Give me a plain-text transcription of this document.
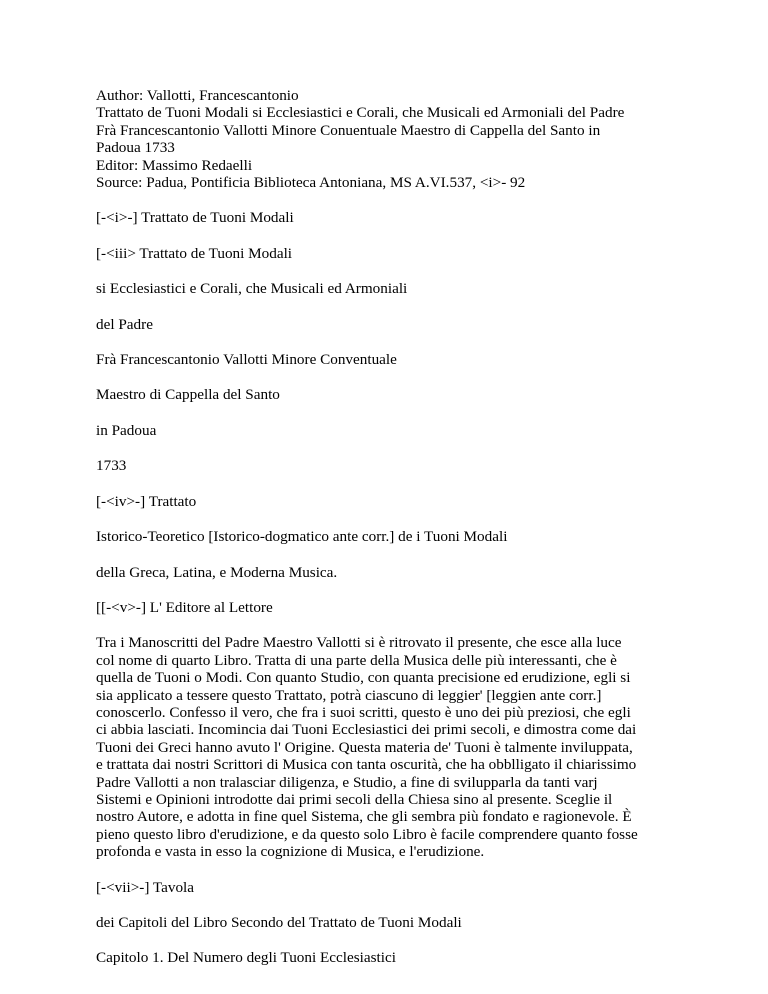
Author: Vallotti, Francescantonio

Trattato de Tuoni Modali si Ecclesiastici e Corali, che Musicali ed Armoniali del Padre

Frà Francescantonio Vallotti Minore Conuentuale Maestro di Cappella del Santo in

Padoua 1733

Editor: Massimo Redaelli

Source: Padua, Pontificia Biblioteca Antoniana, MS A.VI.537, <i>- 92

[-<i>-] Trattato de Tuoni Modali

[-<iii> Trattato de Tuoni Modali

si Ecclesiastici e Corali, che Musicali ed Armoniali

del Padre

Frà Francescantonio Vallotti Minore Conventuale

Maestro di Cappella del Santo

in Padoua

1733

[-<iv>-] Trattato

Istorico-Teoretico [Istorico-dogmatico ante corr.] de i Tuoni Modali

della Greca, Latina, e Moderna Musica.

[[-<v>-] L' Editore al Lettore

Tra i Manoscritti del Padre Maestro Vallotti si è ritrovato il presente, che esce alla luce
col nome di quarto Libro. Tratta di una parte della Musica delle più interessanti, che è
quella de Tuoni o Modi. Con quanto Studio, con quanta precisione ed erudizione, egli si
sia applicato a tessere questo Trattato, potrà ciascuno di leggier' [leggien ante corr.]
conoscerlo. Confesso il vero, che fra i suoi scritti, questo è uno dei più preziosi, che egli
ci abbia lasciati. Incomincia dai Tuoni Ecclesiastici dei primi secoli, e dimostra come dai
Tuoni dei Greci hanno avuto l' Origine. Questa materia de' Tuoni è talmente inviluppata,
e trattata dai nostri Scrittori di Musica con tanta oscurità, che ha obblligato il chiarissimo
Padre Vallotti a non tralasciar diligenza, e Studio, a fine di svilupparla da tanti varj
Sistemi e Opinioni introdotte dai primi secoli della Chiesa sino al presente. Sceglie il
nostro Autore, e adotta in fine quel Sistema, che gli sembra più fondato e ragionevole. È
pieno questo libro d'erudizione, e da questo solo Libro è facile comprendere quanto fosse
profonda e vasta in esso la cognizione di Musica, e l'erudizione.

[-<vii>-] Tavola

dei Capitoli del Libro Secondo del Trattato de Tuoni Modali

Capitolo 1. Del Numero degli Tuoni Ecclesiastici
